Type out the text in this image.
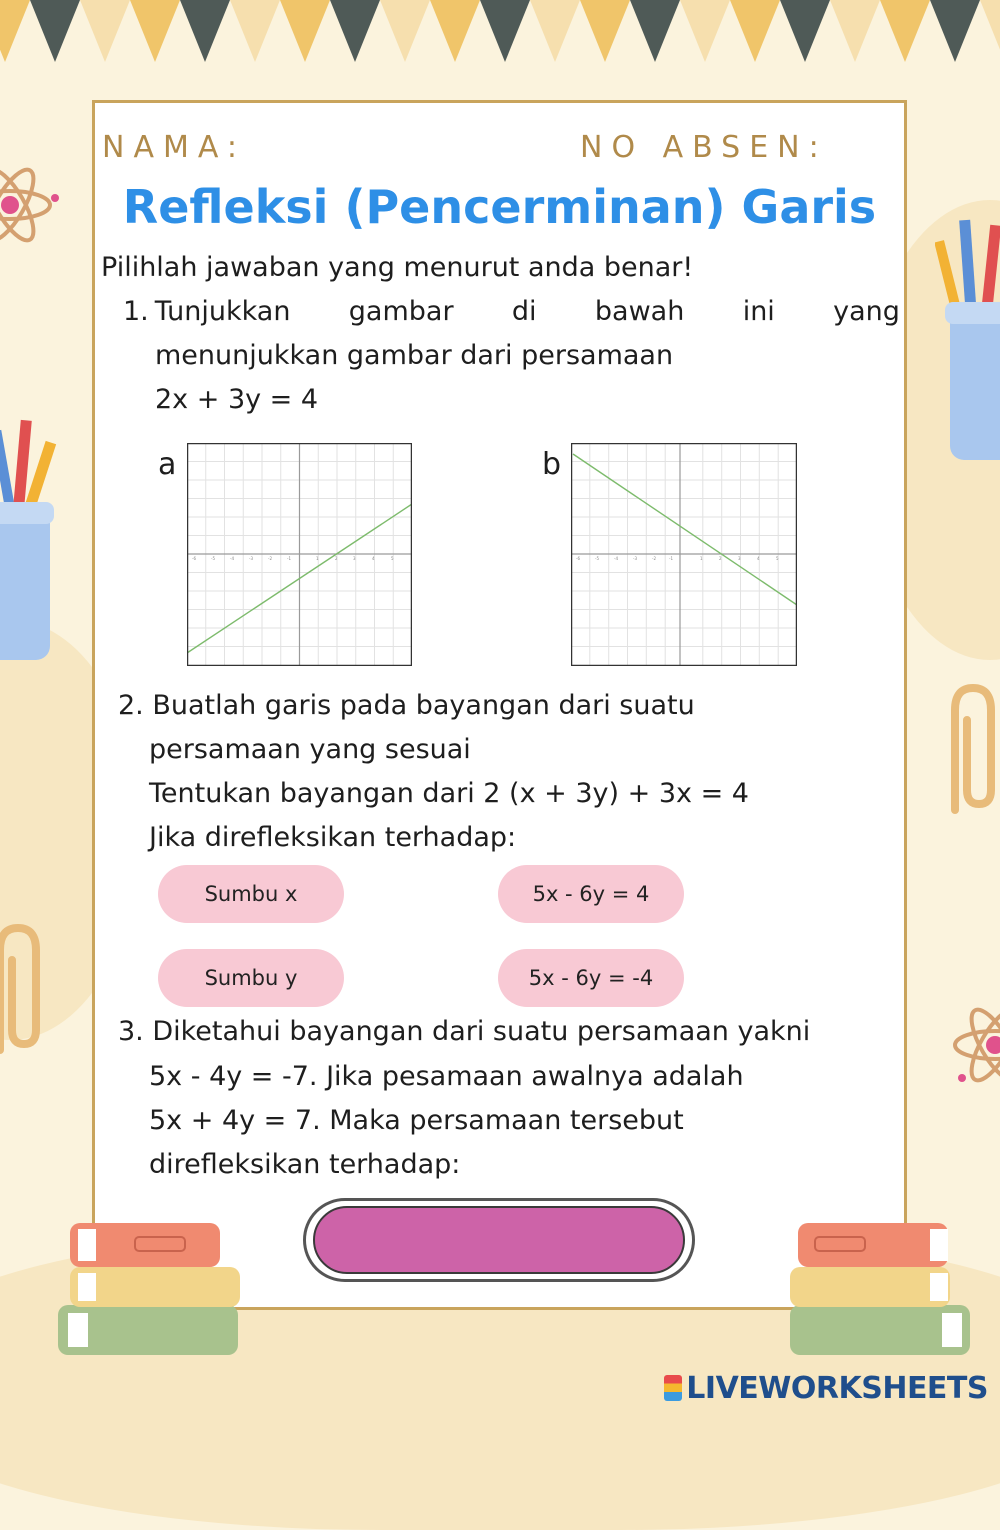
NAMA:	NO ABSEN:
Refleksi (Pencerminan) Garis
Pilihlah jawaban yang menurut anda benar!
1. Tunjukkan gambar di bawah ini yang
menunjukkan gambar dari persamaan
2x + 3y = 4
a	b
-6	-5	-4	-3	-2	-1	1	2	3	4	5	-6	-5	-4	-3	-2	-1	1	2	3	4	5
2. Buatlah garis pada bayangan dari suatu
persamaan yang sesuai
Tentukan bayangan dari 2 (x + 3y) + 3x = 4
Jika direfleksikan terhadap:
Sumbu x	5x - 6y = 4
Sumbu y	5x - 6y = -4
3. Diketahui bayangan dari suatu persamaan yakni
5x - 4y = -7. Jika pesamaan awalnya adalah
5x + 4y = 7. Maka persamaan tersebut
direfleksikan terhadap:
LIVEWORKSHEETS
